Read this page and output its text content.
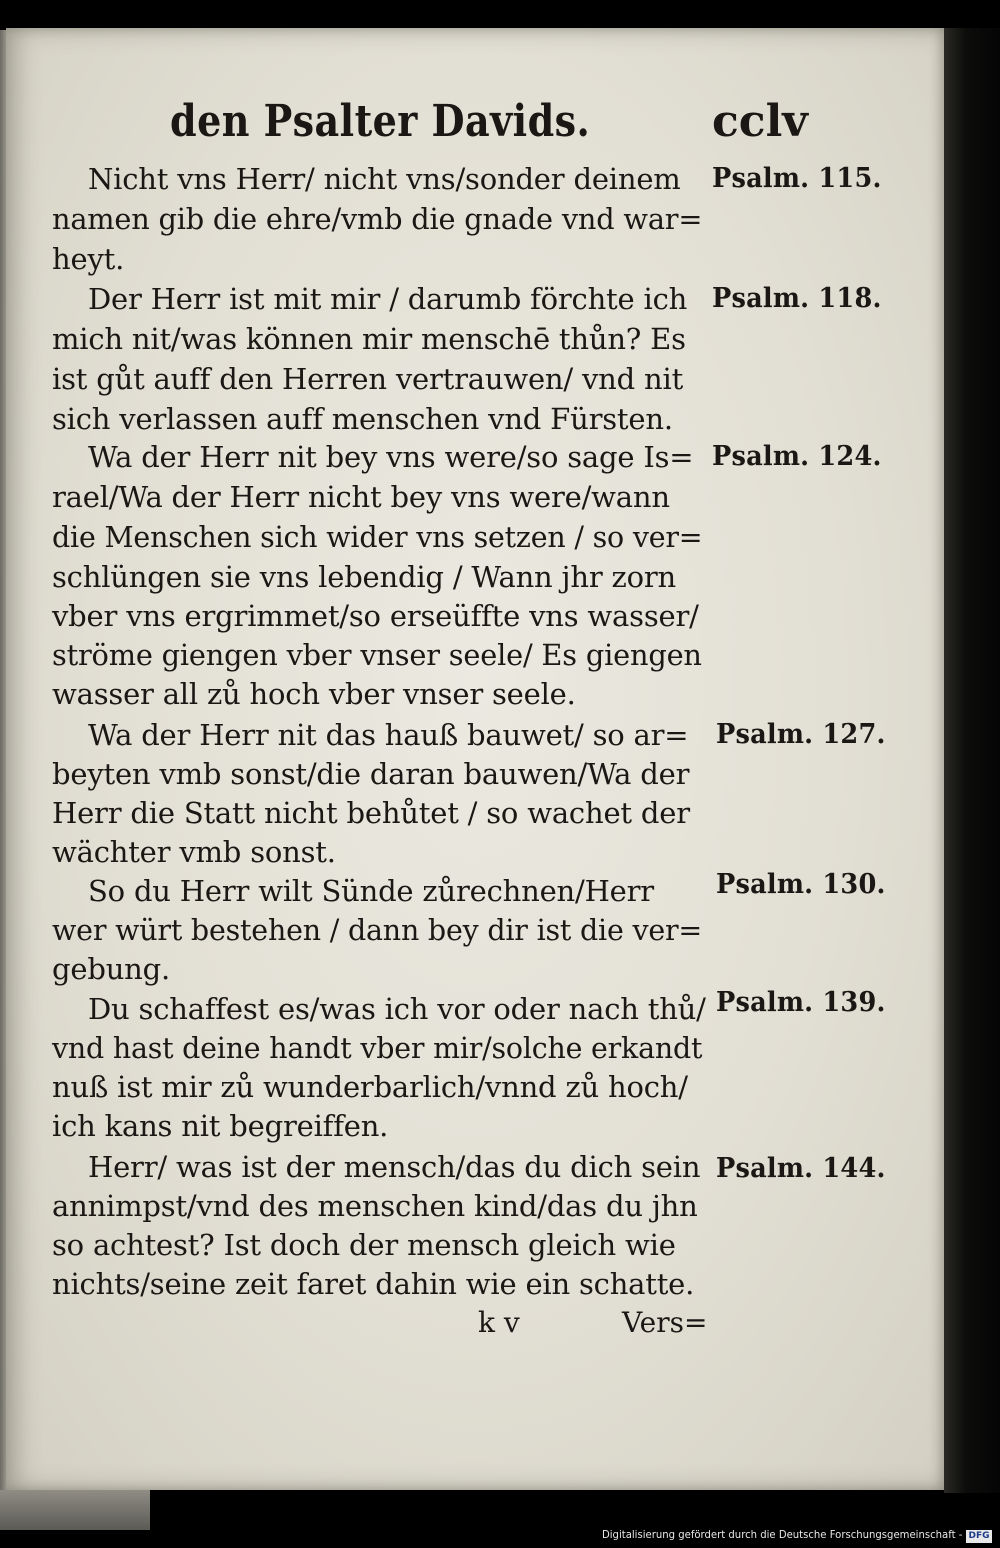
den Psalter Davids.	cclv
Nicht vns Herr/ nicht vns/sonder deinem
namen gib die ehre/vmb die gnade vnd war=
heyt.
Psalm. 115.
Der Herr ist mit mir / darumb förchte ich
mich nit/was können mir menschē thůn? Es
ist gůt auff den Herren vertrauwen/ vnd nit
sich verlassen auff menschen vnd Fürsten.
Psalm. 118.
Wa der Herr nit bey vns were/so sage Is=
rael/Wa der Herr nicht bey vns were/wann
die Menschen sich wider vns setzen / so ver=
schlüngen sie vns lebendig / Wann jhr zorn
vber vns ergrimmet/so erseüffte vns wasser/
ströme giengen vber vnser seele/ Es giengen
wasser all zů hoch vber vnser seele.
Psalm. 124.
Wa der Herr nit das hauß bauwet/ so ar=
beyten vmb sonst/die daran bauwen/Wa der
Herr die Statt nicht behůtet / so wachet der
wächter vmb sonst.
Psalm. 127.
So du Herr wilt Sünde zůrechnen/Herr
wer würt bestehen / dann bey dir ist die ver=
gebung.
Psalm. 130.
Du schaffest es/was ich vor oder nach thů/
vnd hast deine handt vber mir/solche erkandt
nuß ist mir zů wunderbarlich/vnnd zů hoch/
ich kans nit begreiffen.
Psalm. 139.
Herr/ was ist der mensch/das du dich sein
annimpst/vnd des menschen kind/das du jhn
so achtest? Ist doch der mensch gleich wie
nichts/seine zeit faret dahin wie ein schatte.
Psalm. 144.
k v	Vers=
Digitalisierung gefördert durch die Deutsche Forschungsgemeinschaft - DFG
